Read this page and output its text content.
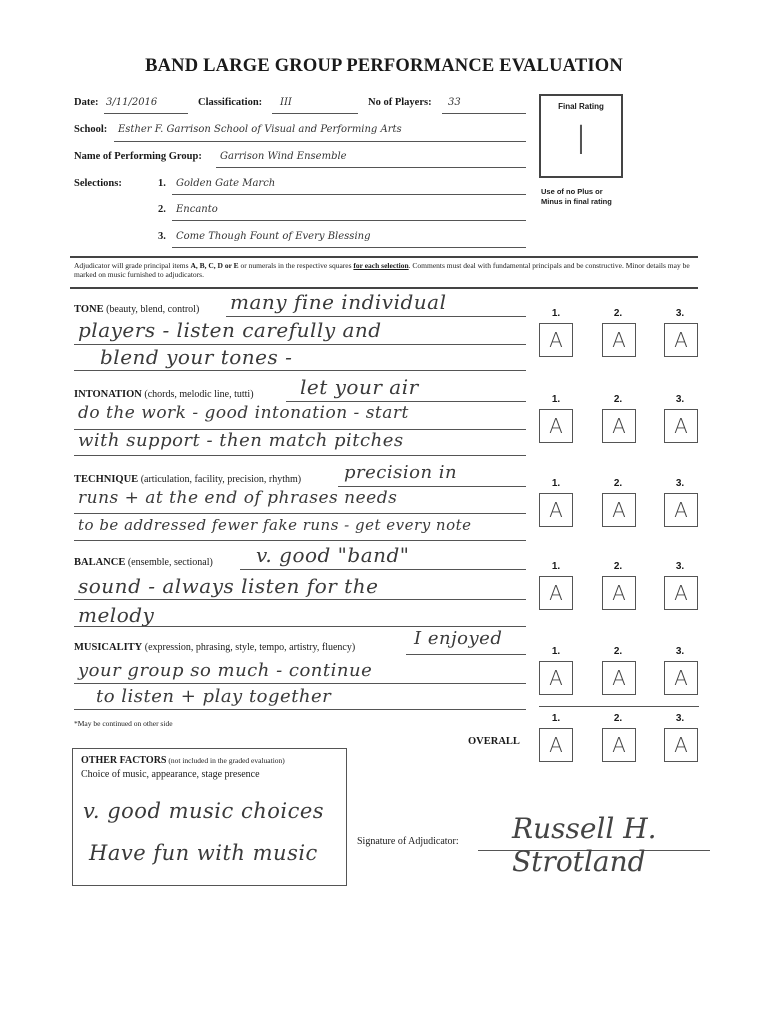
BAND LARGE GROUP PERFORMANCE EVALUATION
Date: 3/11/2016	Classification: III	No of Players: 33
School: Esther F. Garrison School of Visual and Performing Arts
Name of Performing Group: Garrison Wind Ensemble
Selections:	1. Golden Gate March
2. Encanto
3. Come Though Fount of Every Blessing
Final Rating
I
Use of no Plus or
Minus in final rating
Adjudicator will grade principal items A, B, C, D or E or numerals in the respective squares for each selection. Comments must deal with fundamental principals and be constructive. Minor details may be marked on music furnished to adjudicators.
TONE (beauty, blend, control) many fine individual
players - listen carefully and
blend your tones -
1.	2.	3.
A	A	A
INTONATION (chords, melodic line, tutti) let your air
do the work - good intonation - start
with support - then match pitches
1.	2.	3.
A	A	A
TECHNIQUE (articulation, facility, precision, rhythm) precision in
runs + at the end of phrases needs
to be addressed fewer fake runs - get every note
1.	2.	3.
A	A	A
BALANCE (ensemble, sectional) v. good "band"
sound - always listen for the
melody
1.	2.	3.
A	A	A
MUSICALITY (expression, phrasing, style, tempo, artistry, fluency)	I enjoyed
your group so much - continue
to listen + play together
1.	2.	3.
A	A	A
*May be continued on other side	1.	2.	3.
OVERALL	A	A	A
OTHER FACTORS (not included in the graded evaluation)
Choice of music, appearance, stage presence
v. good music choices
Have fun with music	Signature of Adjudicator: Russell H. Strotland
